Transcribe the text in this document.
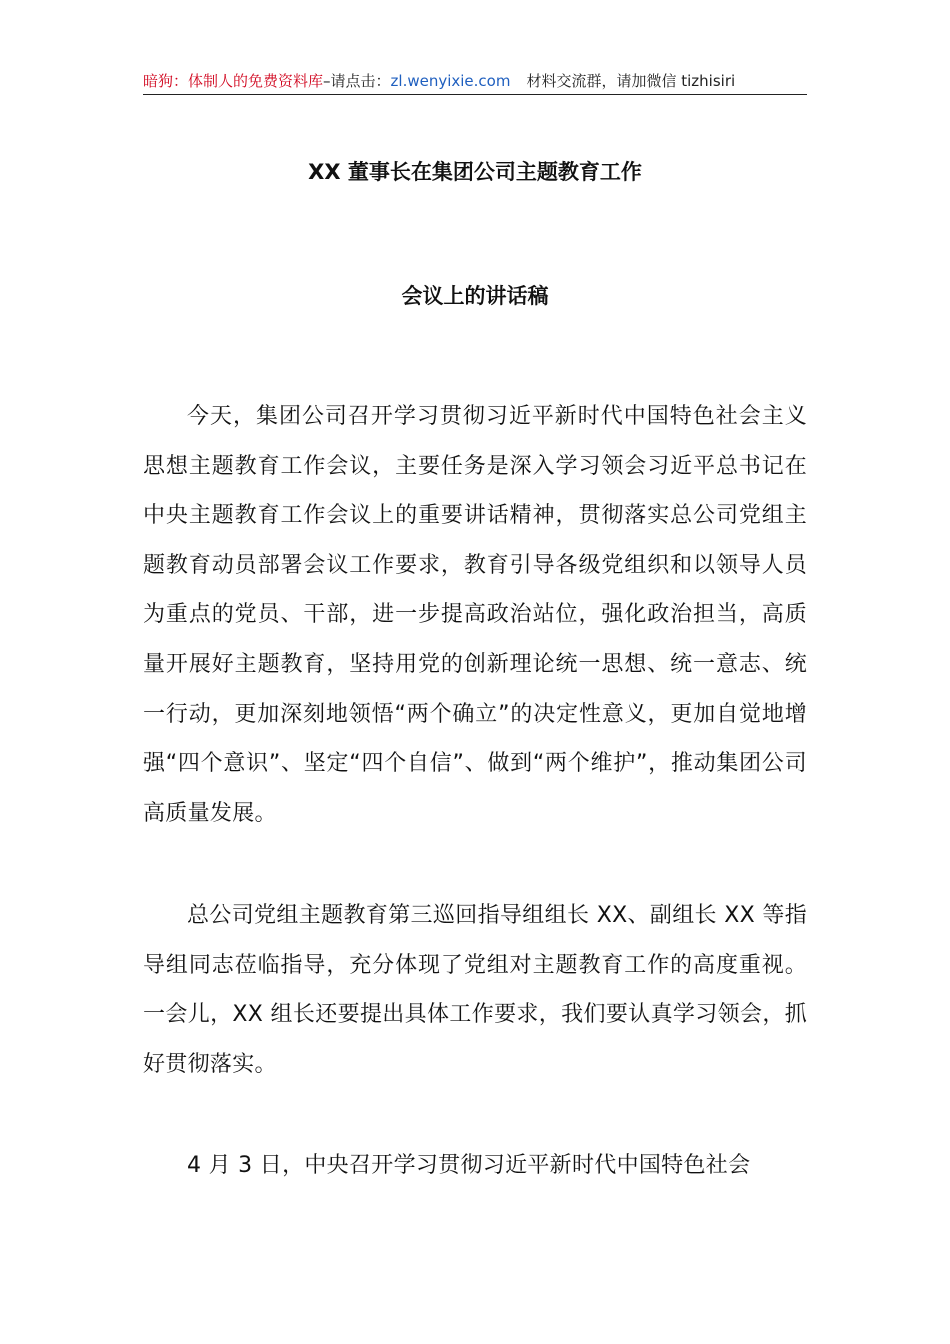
暗狗：体制人的免费资料库–请点击：zl.wenyixie.com 材料交流群，请加微信 tizhisiri
XX 董事长在集团公司主题教育工作
会议上的讲话稿

今天，集团公司召开学习贯彻习近平新时代中国特色社会主义思想主题教育工作会议，主要任务是深入学习领会习近平总书记在中央主题教育工作会议上的重要讲话精神，贯彻落实总公司党组主题教育动员部署会议工作要求，教育引导各级党组织和以领导人员为重点的党员、干部，进一步提高政治站位，强化政治担当，高质量开展好主题教育，坚持用党的创新理论统一思想、统一意志、统一行动，更加深刻地领悟“两个确立”的决定性意义，更加自觉地增强“四个意识”、坚定“四个自信”、做到“两个维护”，推动集团公司高质量发展。

总公司党组主题教育第三巡回指导组组长 XX、副组长 XX 等指导组同志莅临指导，充分体现了党组对主题教育工作的高度重视。一会儿，XX 组长还要提出具体工作要求，我们要认真学习领会，抓好贯彻落实。

4 月 3 日，中央召开学习贯彻习近平新时代中国特色社会
